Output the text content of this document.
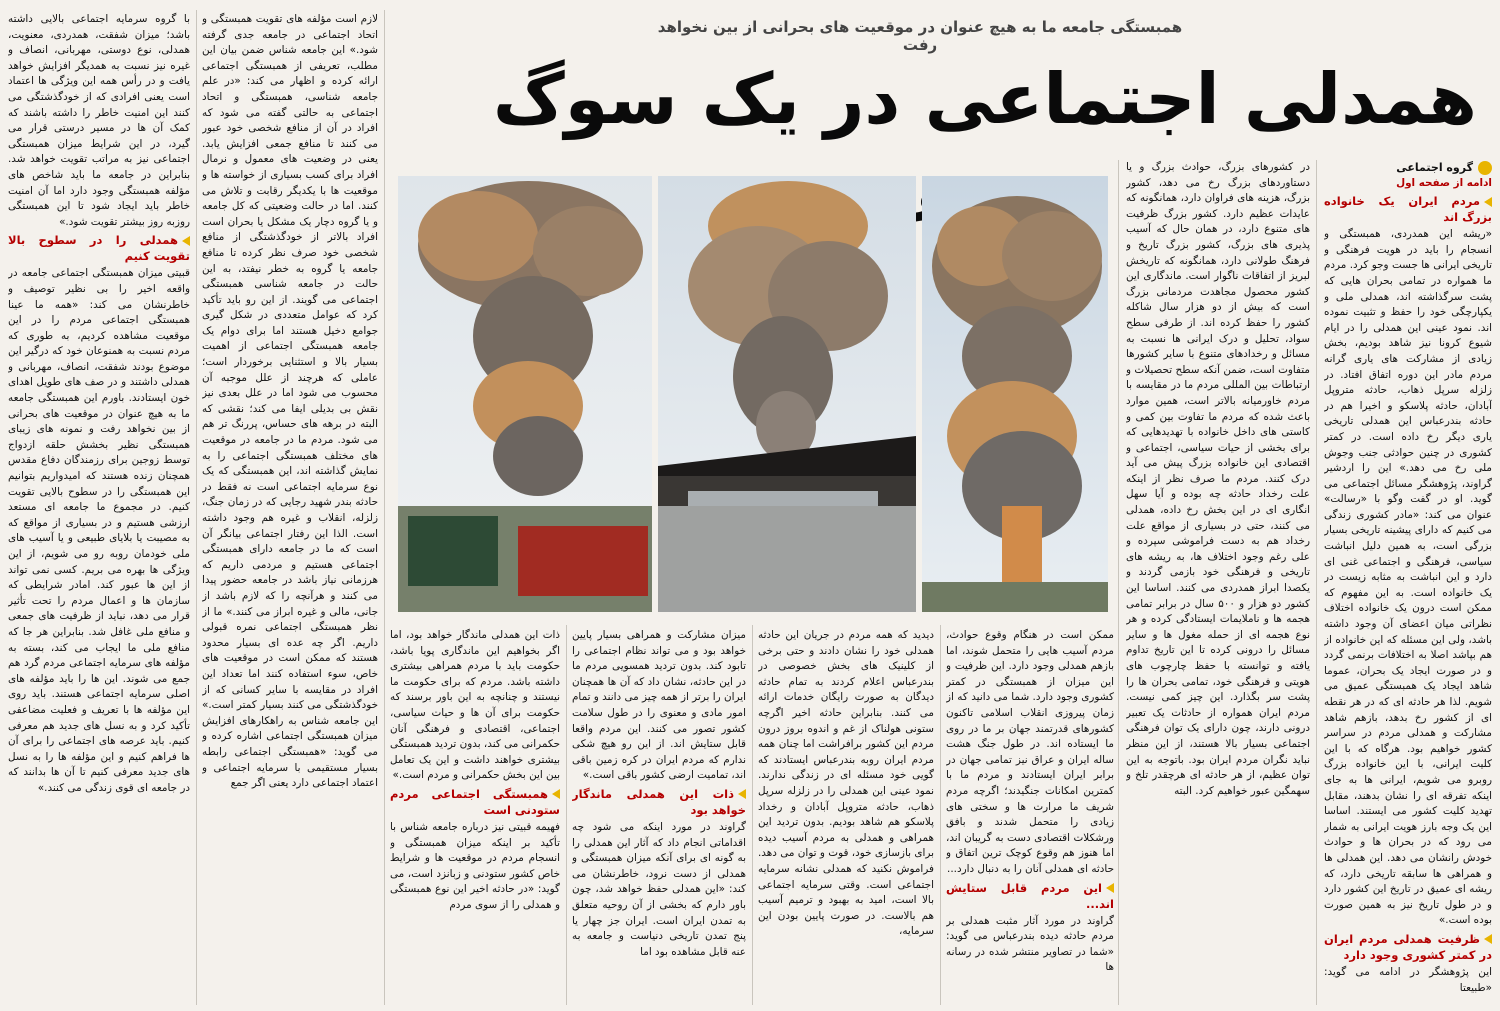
همبستگی جامعه ما به هیچ عنوان در موقعیت های بحرانی از بین نخواهد رفت
همدلی اجتماعی در یک سوگ
گروه اجتماعی
ادامه از صفحه اول
مردم ایران یک خانواده بزرگ اند

«ریشه این همدردی، همبستگی و انسجام را باید در هویت فرهنگی و تاریخی ایرانی ها جست وجو کرد. مردم ما همواره در تمامی بحران هایی که پشت سرگذاشته اند، همدلی ملی و یکپارچگی خود را حفظ و تثبیت نموده اند. نمود عینی این همدلی را در ایام شیوع کرونا نیز شاهد بودیم، بخش زیادی از مشارکت های یاری گرانه مردم مادر این دوره اتفاق افتاد. در زلزله سرپل ذهاب، حادثه متروپل آبادان، حادثه پلاسکو و اخیرا هم در حادثه بندرعباس این همدلی تاریخی یاری دیگر رخ داده است. در کمتر کشوری در چنین حوادثی جنب وجوش ملی رخ می دهد.» این را اردشیر گراوند، پژوهشگر مسائل اجتماعی می گوید. او در گفت وگو با «رسالت» عنوان می کند: «مادر کشوری زندگی می کنیم که دارای پیشینه تاریخی بسیار بزرگی است، به همین دلیل انباشت سیاسی، فرهنگی و اجتماعی غنی ای دارد و این انباشت به مثابه زیست در یک خانواده است. به این مفهوم که ممکن است درون یک خانواده اختلاف نظراتی میان اعضای آن وجود داشته باشد، ولی این مسئله که این خانواده از هم بپاشد اصلا به اختلافات برنمی گردد و در صورت ایجاد یک بحران، عموما شاهد ایجاد یک همبستگی عمیق می شویم. لذا هر حادثه ای که در هر نقطه ای از کشور رخ بدهد، بازهم شاهد مشارکت و همدلی مردم در سراسر کشور خواهیم بود. هرگاه که با این کلیت ایرانی، با این خانواده بزرگ روبرو می شویم، ایرانی ها به جای اینکه تفرقه ای را نشان بدهند، مقابل تهدید کلیت کشور می ایستند. اساسا این یک وجه بارز هویت ایرانی به شمار می رود که در بحران ها و حوادث خودش رانشان می دهد. این همدلی ها و همراهی ها سابقه تاریخی دارد، که ریشه ای عمیق در تاریخ این کشور دارد و در طول تاریخ نیز به همین صورت بوده است.»

ظرفیت همدلی مردم ایران در کمتر کشوری وجود دارد

این پژوهشگر در ادامه می گوید: «طبیعتا

در کشورهای بزرگ، حوادث بزرگ و یا دستاوردهای بزرگ رخ می دهد، کشور بزرگ، هزینه های فراوان دارد، همانگونه که عایدات عظیم دارد. کشور بزرگ ظرفیت های متنوع دارد، در همان حال که آسیب پذیری های بزرگ، کشور بزرگ تاریخ و فرهنگ طولانی دارد، همانگونه که تاریخش لبریز از اتفاقات ناگوار است. ماندگاری این کشور محصول مجاهدت مردمانی بزرگ است که بیش از دو هزار سال شاکله کشور را حفظ کرده اند. از طرفی سطح سواد، تحلیل و درک ایرانی ها نسبت به مسائل و رخدادهای متنوع با سایر کشورها متفاوت است، ضمن آنکه سطح تحصیلات و ارتباطات بین المللی مردم ما در مقایسه با مردم خاورمیانه بالاتر است، همین موارد باعث شده که مردم ما تفاوت بین کمی و کاستی های داخل خانواده با تهدیدهایی که برای بخشی از حیات سیاسی، اجتماعی و اقتصادی این خانواده بزرگ پیش می آید درک کنند. مردم ما صرف نظر از اینکه علت رخداد حادثه چه بوده و آیا سهل انگاری ای در این بخش رخ داده، همدلی می کنند، حتی در بسیاری از مواقع علت رخداد هم به دست فراموشی سپرده و علی رغم وجود اختلاف ها، به ریشه های تاریخی و فرهنگی خود بازمی گردند و یکصدا ابراز همدردی می کنند. اساسا این کشور دو هزار و ۵۰۰ سال در برابر تمامی هجمه ها و ناملایمات ایستادگی کرده و هر نوع هجمه ای از حمله مغول ها و سایر مسائل را درونی کرده تا این تاریخ تداوم یافته و توانسته با حفظ چارچوب های هویتی و فرهنگی خود، تمامی بحران ها را پشت سر بگذارد. این چیز کمی نیست. مردم ایران همواره از حادثات یک تعبیر درونی دارند، چون دارای یک توان فرهنگی اجتماعی بسیار بالا هستند، از این منظر نباید نگران مردم ایران بود. باتوجه به این توان عظیم، از هر حادثه ای هرچقدر تلخ و سهمگین عبور خواهیم کرد. البته

ممکن است در هنگام وقوع حوادث، مردم آسیب هایی را متحمل شوند، اما بازهم همدلی وجود دارد. این ظرفیت و این میزان از همبستگی در کمتر کشوری وجود دارد. شما می دانید که از زمان پیروزی انقلاب اسلامی تاکنون کشورهای قدرتمند جهان بر ما در روی ما ایستاده اند. در طول جنگ هشت ساله ایران و عراق نیز تمامی جهان در برابر ایران ایستادند و مردم ما با کمترین امکانات جنگیدند؛ اگرچه مردم شریف ما مرارت ها و سختی های زیادی را متحمل شدند و بافق ورشکلات اقتصادی دست به گریبان اند، اما هنوز هم وقوع کوچک ترین اتفاق و حادثه ای همدلی آنان را به دنبال دارد...

این مردم قابل ستایش اند...

گراوند در مورد آثار مثبت همدلی بر مردم حادثه دیده بندرعباس می گوید: «شما در تصاویر منتشر شده در رسانه ها

دیدید که همه مردم در جریان این حادثه همدلی خود را نشان دادند و حتی برخی از کلینیک های بخش خصوصی در بندرعباس اعلام کردند به تمام حادثه دیدگان به صورت رایگان خدمات ارائه می کنند. بنابراین حادثه اخیر اگرچه ستونی هولناک از غم و اندوه بروز درون مردم این کشور برافراشت اما چنان همه مردم ایران روبه بندرعباس ایستادند که گویی خود مسئله ای در زندگی ندارند. نمود عینی این همدلی را در زلزله سرپل ذهاب، حادثه متروپل آبادان و رخداد پلاسکو هم شاهد بودیم. بدون تردید این همراهی و همدلی به مردم آسیب دیده برای بازسازی خود، قوت و توان می دهد. فراموش نکنید که همدلی نشانه سرمایه اجتماعی است. وقتی سرمایه اجتماعی بالا است، امید به بهبود و ترمیم آسیب هم بالاست. در صورت پایین بودن این سرمایه،

میزان مشارکت و همراهی بسیار پایین خواهد بود و می تواند نظام اجتماعی را تابود کند. بدون تردید همسویی مردم ما در این حادثه، نشان داد که آن ها همچنان ایران را برتر از همه چیز می دانند و تمام امور مادی و معنوی را در طول سلامت کشور تصور می کنند. این مردم واقعا قابل ستایش اند. از این رو هیچ شکی ندارم که مردم ایران در کره زمین باقی اند، تمامیت ارضی کشور باقی است.»

ذات این همدلی ماندگار خواهد بود

گراوند در مورد اینکه می شود چه اقداماتی انجام داد که آثار این همدلی را به گونه ای برای آنکه میزان همبستگی و همدلی از دست نرود، خاطرنشان می کند: «این همدلی حفظ خواهد شد، چون باور دارم که بخشی از آن روحیه متعلق به تمدن ایران است. ایران جز چهار یا پنج تمدن تاریخی دنیاست و جامعه به عنه قابل مشاهده بود اما

ذات این همدلی ماندگار خواهد بود، اما اگر بخواهیم این ماندگاری پویا باشد، حکومت باید با مردم همراهی بیشتری داشته باشد. مردم که برای حکومت ما نیستند و چنانچه به این باور برسند که حکومت برای آن ها و حیات سیاسی، اجتماعی، اقتصادی و فرهنگی آنان حکمرانی می کند، بدون تردید همبستگی بیشتری خواهند داشت و این یک تعامل بین این بخش حکمرانی و مردم است.»

همبستگی اجتماعی مردم ستودنی است

فهیمه قبیتی نیز درباره جامعه شناس با تأکید بر اینکه میزان همبستگی و انسجام مردم در موقعیت ها و شرایط خاص کشور ستودنی و زبانزد است، می گوید: «در حادثه اخیر این نوع همبستگی و همدلی را از سوی مردم

لازم است مؤلفه های تقویت همبستگی و اتحاد اجتماعی در جامعه جدی گرفته شود.» این جامعه شناس ضمن بیان این مطلب، تعریفی از همبستگی اجتماعی ارائه کرده و اظهار می کند: «در علم جامعه شناسی، همبستگی و اتحاد اجتماعی به حالتی گفته می شود که افراد در آن از منافع شخصی خود عبور می کنند تا منافع جمعی افزایش یابد. یعنی در وضعیت های معمول و نرمال افراد برای کسب بسیاری از خواسته ها و موقعیت ها با یکدیگر رقابت و تلاش می کنند. اما در حالت وضعیتی که کل جامعه و یا گروه دچار یک مشکل یا بحران است افراد بالاتر از خودگذشتگی از منافع شخصی خود صرف نظر کرده تا منافع جامعه یا گروه به خطر نیفتد، به این حالت در جامعه شناسی همبستگی اجتماعی می گویند. از این رو باید تأکید کرد که عوامل متعددی در شکل گیری جوامع دخیل هستند اما برای دوام یک جامعه همبستگی اجتماعی از اهمیت بسیار بالا و استثنایی برخوردار است؛ عاملی که هرچند از علل موجبه آن محسوب می شود اما در علل بعدی نیز نقش بی بدیلی ایفا می کند؛ نقشی که البته در برهه های حساس، پررنگ تر هم می شود. مردم ما در جامعه در موقعیت های مختلف همبستگی اجتماعی را به نمایش گذاشته اند، این همبستگی که یک نوع سرمایه اجتماعی است نه فقط در حادثه بندر شهید رجایی که در زمان جنگ، زلزله، انقلاب و غیره هم وجود داشته است. الذا این رفتار اجتماعی بیانگر آن است که ما در جامعه دارای همبستگی اجتماعی هستیم و مردمی داریم که هرزمانی نیاز باشد در جامعه حضور پیدا می کنند و هرآنچه را که لازم باشد از جانی، مالی و غیره ابراز می کنند.» ما از نظر همبستگی اجتماعی نمره قبولی داریم. اگر چه عده ای بسیار محدود هستند که ممکن است در موقعیت های خاص، سوء استفاده کنند اما تعداد این افراد در مقایسه با سایر کسانی که از خودگذشتگی می کنند بسیار کمتر است.» این جامعه شناس به راهکارهای افزایش میزان همبستگی اجتماعی اشاره کرده و می گوید: «همبستگی اجتماعی رابطه بسیار مستقیمی با سرمایه اجتماعی و اعتماد اجتماعی دارد یعنی اگر جمع

با گروه سرمایه اجتماعی بالایی داشته باشد؛ میزان شفقت، همدردی، معنویت، همدلی، نوع دوستی، مهربانی، انصاف و غیره نیز نسبت به همدیگر افزایش خواهد یافت و در رأس همه این ویژگی ها اعتماد است یعنی افرادی که از خودگذشتگی می کنند این امنیت خاطر را داشته باشند که کمک آن ها در مسیر درستی قرار می گیرد، در این شرایط میزان همبستگی اجتماعی نیز به مراتب تقویت خواهد شد. بنابراین در جامعه ما باید شاخص های مؤلفه همبستگی وجود دارد اما آن امنیت خاطر باید ایجاد شود تا این همبستگی روزبه روز بیشتر تقویت شود.»

همدلی را در سطوح بالا تقویت کنیم

قبیتی میزان همبستگی اجتماعی جامعه در واقعه اخیر را بی نظیر توصیف و خاطرنشان می کند: «همه ما عینا همبستگی اجتماعی مردم را در این موقعیت مشاهده کردیم، به طوری که مردم نسبت به همنوعان خود که درگیر این موضوع بودند شفقت، انصاف، مهربانی و همدلی داشتند و در صف های طویل اهدای خون ایستادند. باورم این همبستگی جامعه ما به هیچ عنوان در موقعیت های بحرانی از بین نخواهد رفت و نمونه های زیبای همبستگی نظیر بخشش حلقه ازدواج توسط زوجین برای رزمندگان دفاع مقدس همچنان زنده هستند که امیدواریم بتوانیم این همبستگی را در سطوح بالایی تقویت کنیم. در مجموع ما جامعه ای مستعد ارزشی هستیم و در بسیاری از مواقع که به مصیبت یا بلایای طبیعی و یا آسیب های ملی خودمان روبه رو می شویم، از این ویژگی ها بهره می بریم. کسی نمی تواند از این ها عبور کند. امادر شرایطی که سازمان ها و اعمال مردم را تحت تأثیر قرار می دهد، نباید از ظرفیت های جمعی و منافع ملی غافل شد. بنابراین هر جا که منافع ملی ما ایجاب می کند، بسته به مؤلفه های سرمایه اجتماعی مردم گرد هم جمع می شوند. این ها را باید مؤلفه های اصلی سرمایه اجتماعی هستند. باید روی این مؤلفه ها با تعریف و فعلیت مضاعفی تأکید کرد و به نسل های جدید هم معرفی کنیم. باید عرصه های اجتماعی را برای آن ها فراهم کنیم و این مؤلفه ها را به نسل های جدید معرفی کنیم تا آن ها بدانند که در جامعه ای قوی زندگی می کنند.»
